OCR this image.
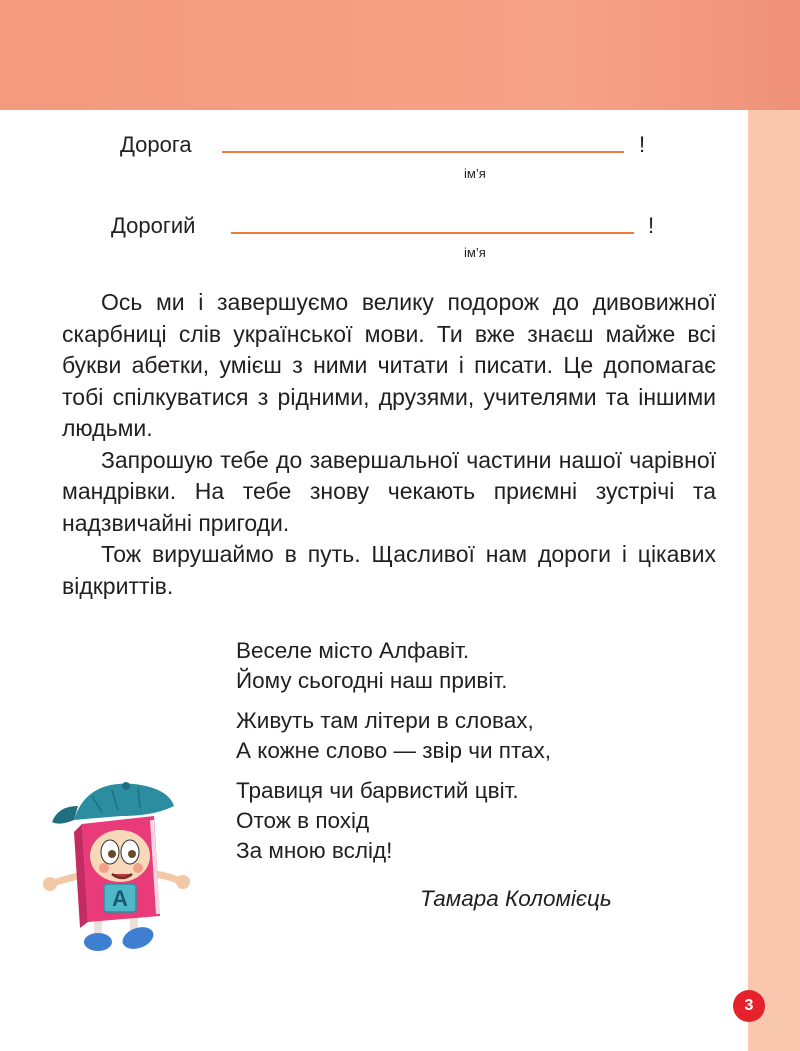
Дорога	!
ім’я
Дорогий	!
ім’я

Ось ми і завершуємо велику подорож до дивовижної скарбниці слів української мови. Ти вже знаєш майже всі букви абетки, умієш з ними читати і писати. Це допомагає тобі спілкуватися з рідними, друзями, учителями та іншими людьми.

Запрошую тебе до завершальної частини нашої чарівної мандрівки. На тебе знову чекають приємні зустрічі та надзвичайні пригоди.

Тож вирушаймо в путь. Щасливої нам дороги і цікавих відкриттів.

Веселе місто Алфавіт.
Йому сьогодні наш привіт.
Живуть там літери в словах,
А кожне слово — звір чи птах,
Травиця чи барвистий цвіт.
Отож в похід
За мною вслід!
Тамара Коломієць
А
3
